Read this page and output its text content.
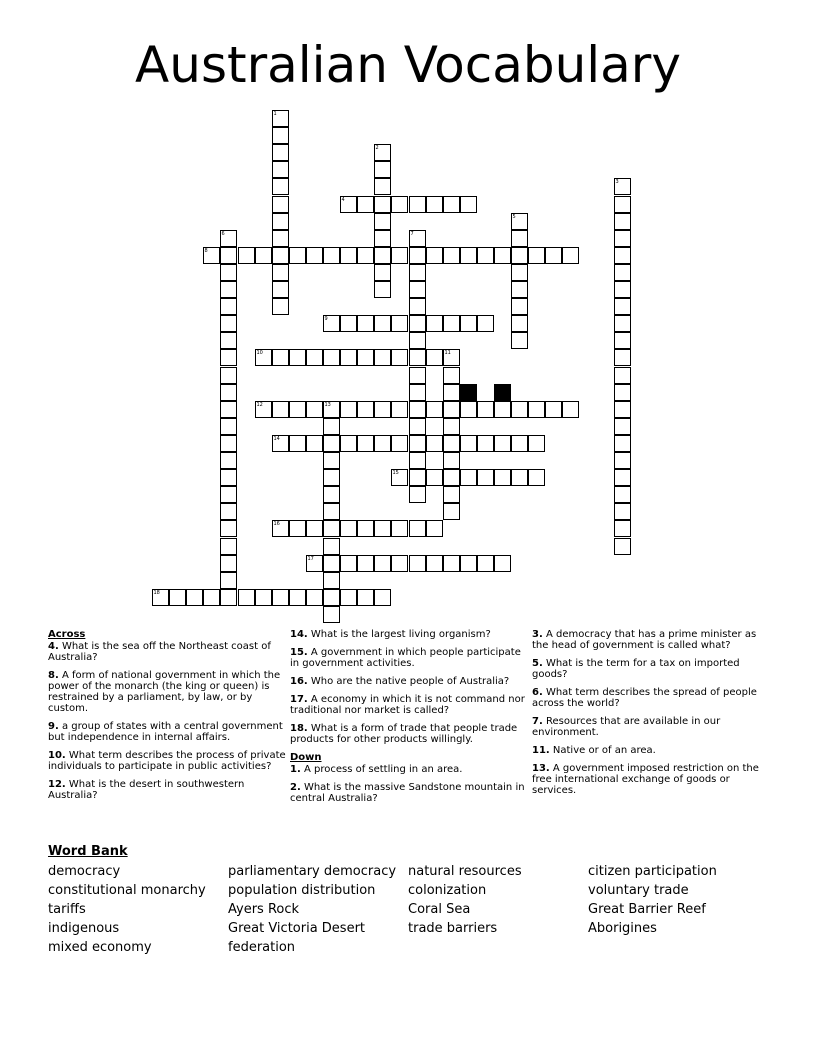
Australian Vocabulary
1
2
3
4
5
6	7
8
9
10	11
12	13
14
15
16
17
18
Across
4. What is the sea off the Northeast coast of Australia?
8. A form of national government in which the power of the monarch (the king or queen) is restrained by a parliament, by law, or by custom.
9. a group of states with a central government but independence in internal affairs.
10. What term describes the process of private individuals to participate in public activities?
12. What is the desert in southwestern Australia?
14. What is the largest living organism?
15. A government in which people participate in government activities.
16. Who are the native people of Australia?
17. A economy in which it is not command nor traditional nor market is called?
18. What is a form of trade that people trade products for other products willingly.
Down
1. A process of settling in an area.
2. What is the massive Sandstone mountain in central Australia?
3. A democracy that has a prime minister as the head of government is called what?
5. What is the term for a tax on imported goods?
6. What term describes the spread of people across the world?
7. Resources that are available in our environment.
11. Native or of an area.
13. A government imposed restriction on the free international exchange of goods or services.
Word Bank
democracy
constitutional monarchy
tariffs
indigenous
mixed economy
parliamentary democracy
population distribution
Ayers Rock
Great Victoria Desert
federation
natural resources
colonization
Coral Sea
trade barriers
citizen participation
voluntary trade
Great Barrier Reef
Aborigines
